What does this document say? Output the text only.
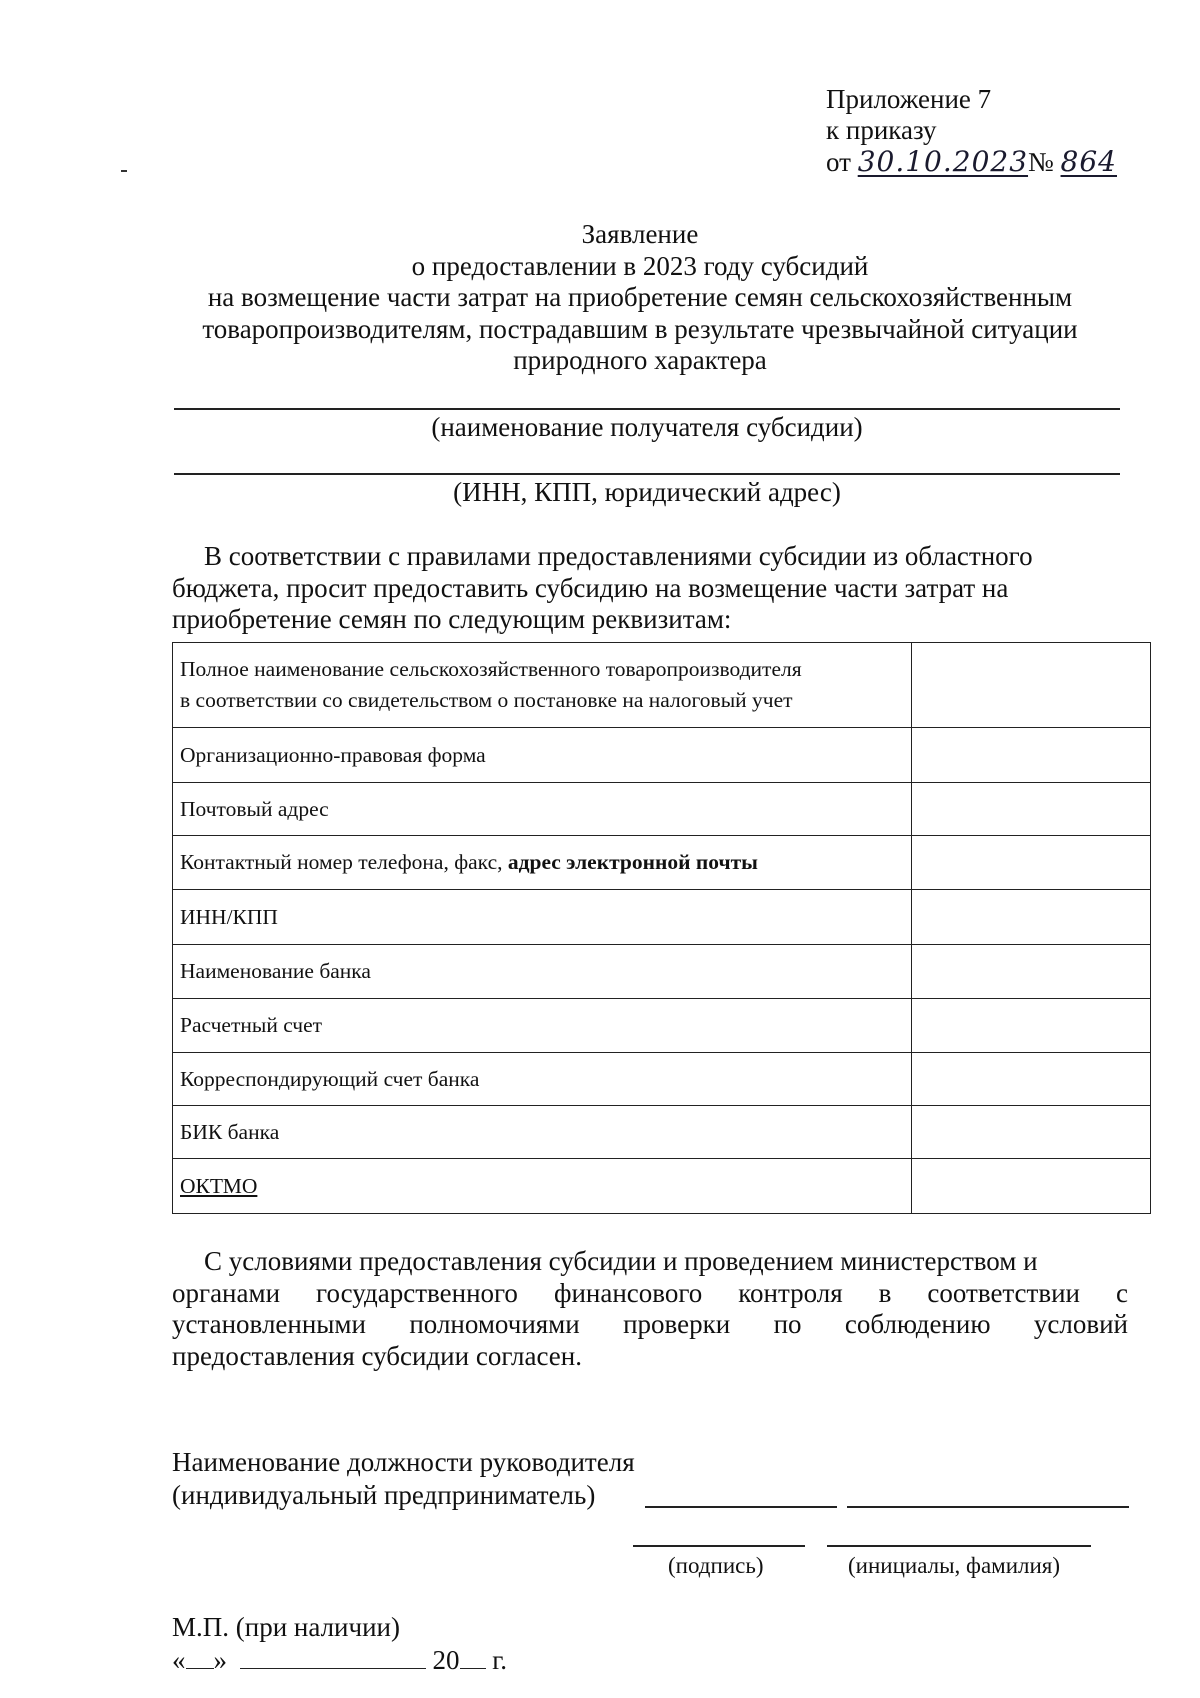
Приложение 7
к приказу
от 30.10.2023№ 864
Заявление
о предоставлении в 2023 году субсидий
на возмещение части затрат на приобретение семян сельскохозяйственным
товаропроизводителям, пострадавшим в результате чрезвычайной ситуации
природного характера
(наименование получателя субсидии)
(ИНН, КПП, юридический адрес)
В соответствии с правилами предоставлениями субсидии из областного
бюджета, просит предоставить субсидию на возмещение части затрат на
приобретение семян по следующим реквизитам:
Полное наименование сельскохозяйственного товаропроизводителя
в соответствии со свидетельством о постановке на налоговый учет	

Организационно-правовая форма	
Почтовый адрес	
Контактный номер телефона, факс, адрес электронной почты	
ИНН/КПП	
Наименование банка	
Расчетный счет	
Корреспондирующий счет банка	
БИК банка	
ОКТМО	
С условиями предоставления субсидии и проведением министерством и
органами государственного финансового контроля в соответствии с
установленными полномочиями проверки по соблюдению условий
предоставления субсидии согласен.
Наименование должности руководителя
(индивидуальный предприниматель)
(подпись)	(инициалы, фамилия)
М.П. (при наличии)
« »	20 г.
